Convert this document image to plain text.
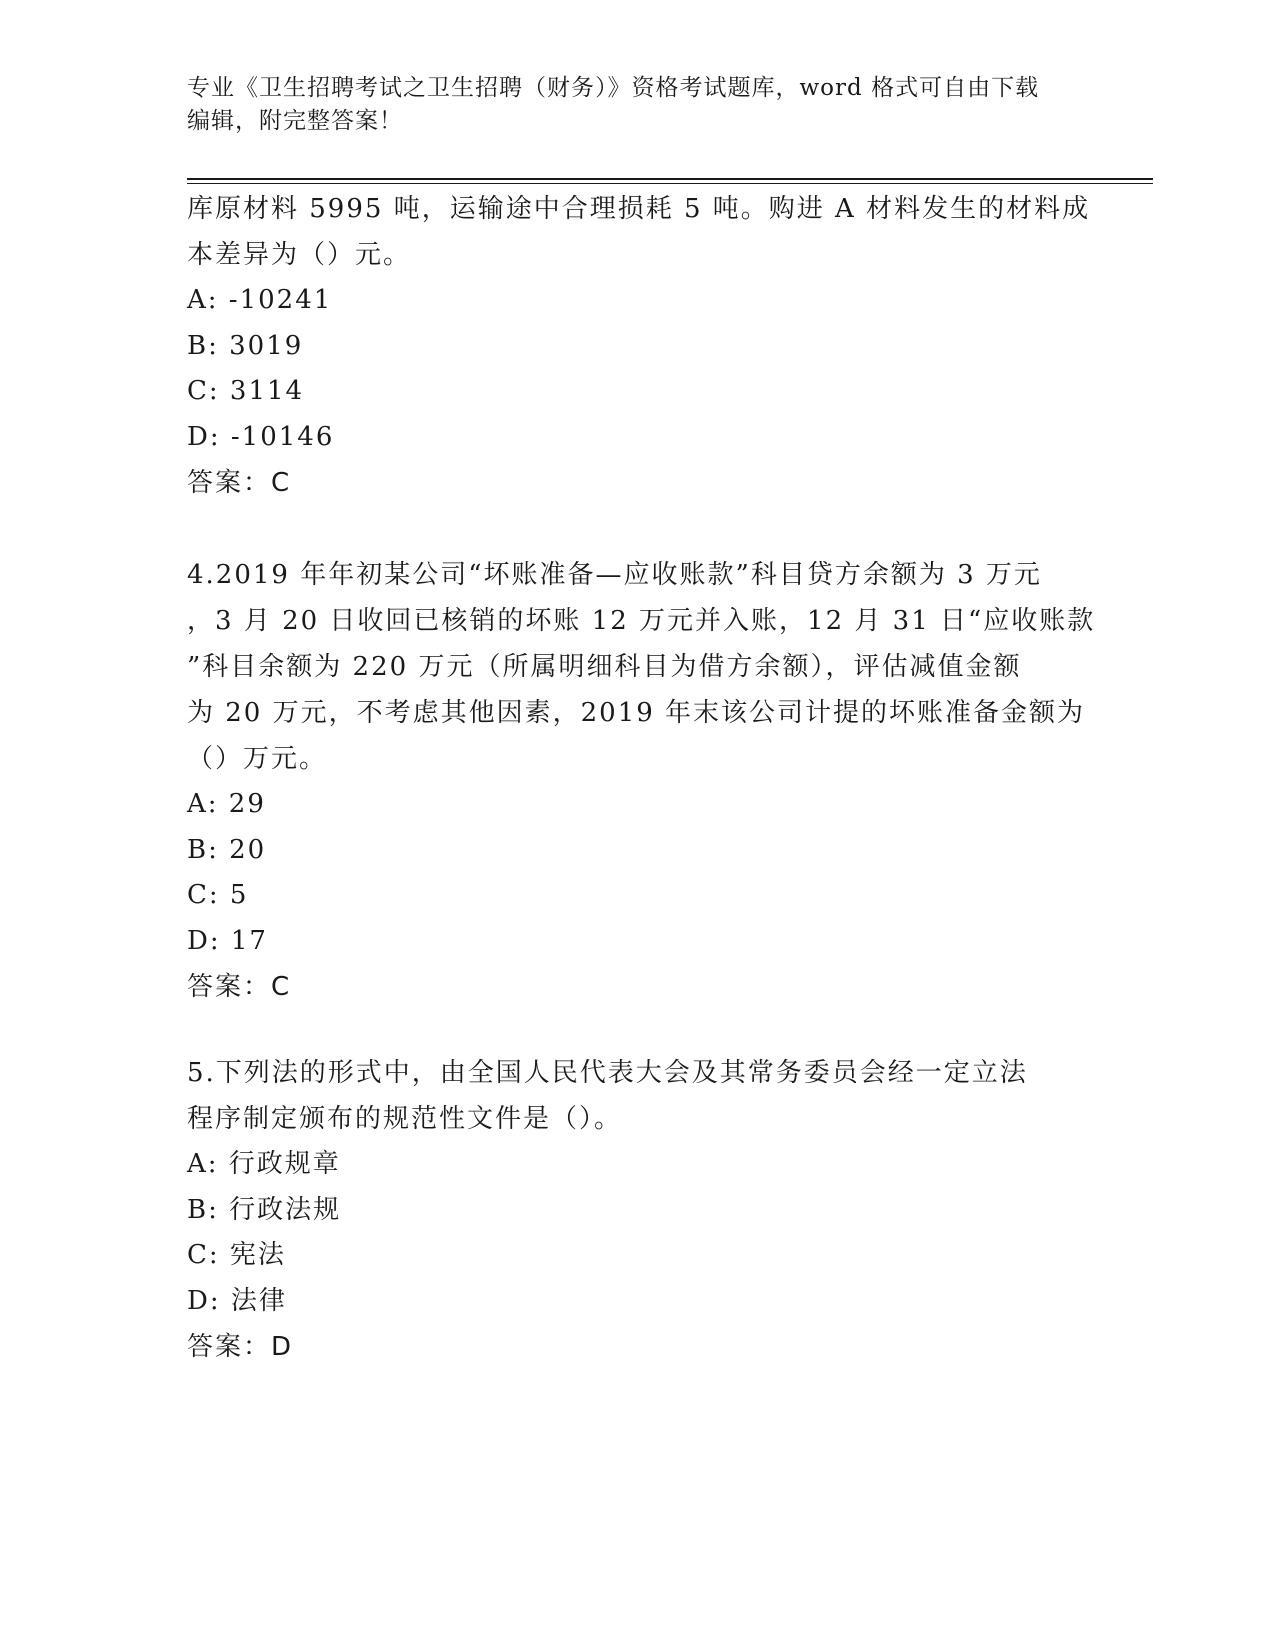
专业《卫生招聘考试之卫生招聘（财务）》资格考试题库，word 格式可自由下载
编辑，附完整答案！
库原材料 5995 吨，运输途中合理损耗 5 吨。购进 A 材料发生的材料成
本差异为（）元。
A: -10241
B: 3019
C: 3114
D: -10146
答案：C
4.2019 年年初某公司“坏账准备—应收账款”科目贷方余额为 3 万元
，3 月 20 日收回已核销的坏账 12 万元并入账，12 月 31 日“应收账款
”科目余额为 220 万元（所属明细科目为借方余额），评估减值金额
为 20 万元，不考虑其他因素，2019 年末该公司计提的坏账准备金额为
（）万元。
A: 29
B: 20
C: 5
D: 17
答案：C
5.下列法的形式中，由全国人民代表大会及其常务委员会经一定立法
程序制定颁布的规范性文件是（）。
A: 行政规章
B: 行政法规
C: 宪法
D: 法律
答案：D
